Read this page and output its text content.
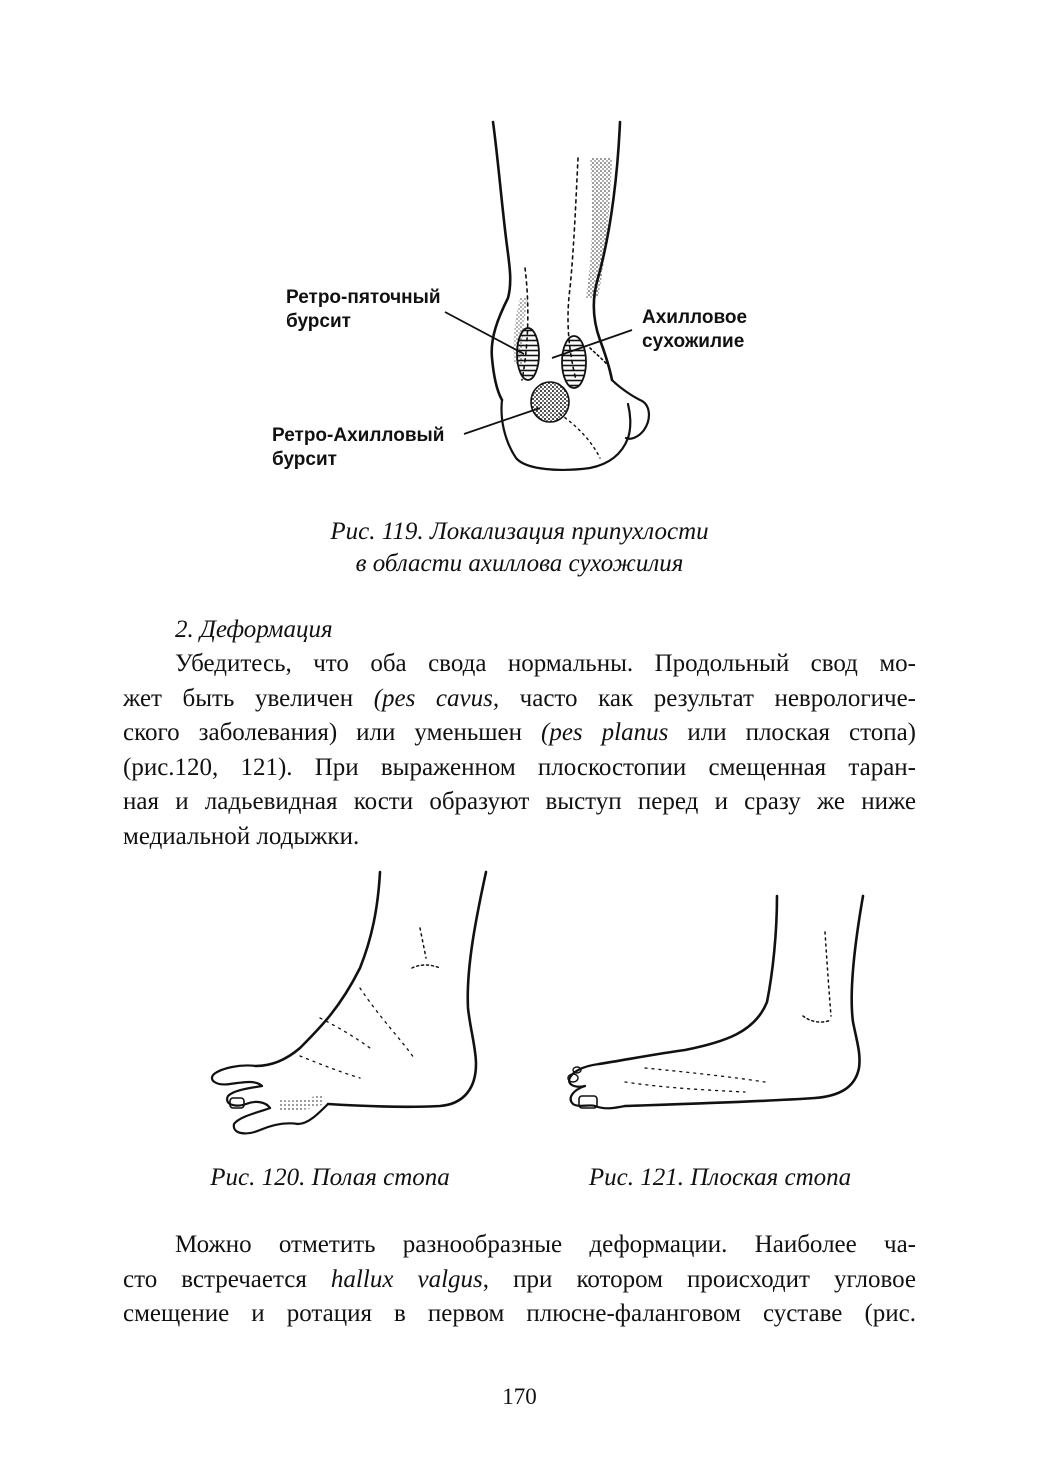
Ретро-пяточный
бурсит	Ахилловое
сухожилие
Ретро-Ахилловый
бурсит
Рис. 119. Локализация припухлости
в области ахиллова сухожилия
2. Деформация
Убедитесь, что оба свода нормальны. Продольный свод мо-
жет быть увеличен (pes cavus, часто как результат неврологиче-
ского заболевания) или уменьшен (pes planus или плоская стопа)
(рис.120, 121). При выраженном плоскостопии смещенная таран-
ная и ладьевидная кости образуют выступ перед и сразу же ниже
медиальной лодыжки.
Рис. 120. Полая стопа	Рис. 121. Плоская стопа
Можно отметить разнообразные деформации. Наиболее ча-
сто встречается hallux valgus, при котором происходит угловое
смещение и ротация в первом плюсне-фаланговом суставе (рис.
170
